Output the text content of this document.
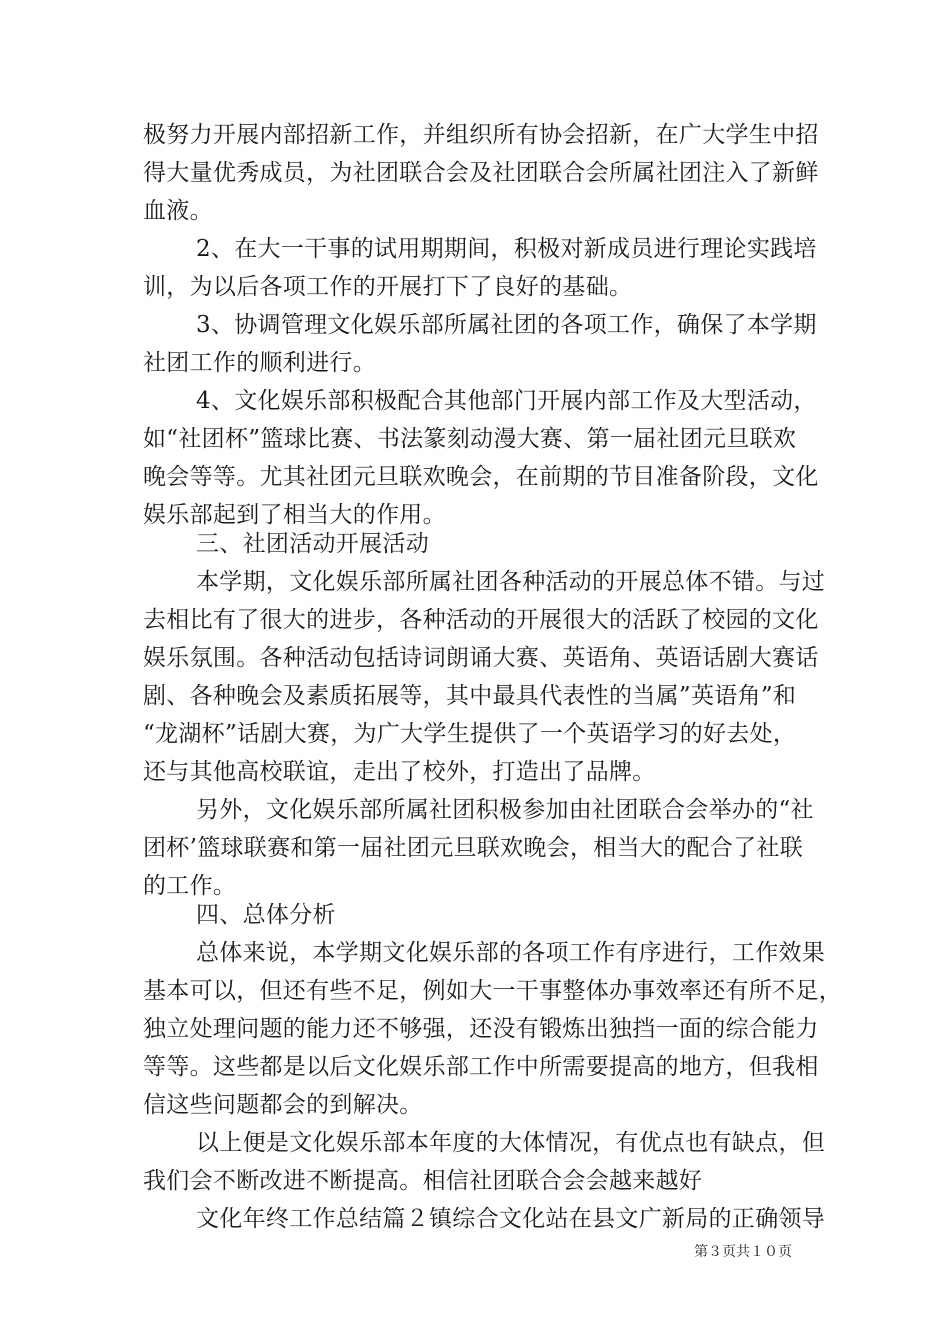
极努力开展内部招新工作，并组织所有协会招新，在广大学生中招
得大量优秀成员，为社团联合会及社团联合会所属社团注入了新鲜
血液。
2、在大一干事的试用期期间，积极对新成员进行理论实践培
训，为以后各项工作的开展打下了良好的基础。
3、协调管理文化娱乐部所属社团的各项工作，确保了本学期
社团工作的顺利进行。
4、文化娱乐部积极配合其他部门开展内部工作及大型活动，
如“社团杯”篮球比赛、书法篆刻动漫大赛、第一届社团元旦联欢
晚会等等。尤其社团元旦联欢晚会，在前期的节目准备阶段，文化
娱乐部起到了相当大的作用。
三、社团活动开展活动
本学期，文化娱乐部所属社团各种活动的开展总体不错。与过
去相比有了很大的进步，各种活动的开展很大的活跃了校园的文化
娱乐氛围。各种活动包括诗词朗诵大赛、英语角、英语话剧大赛话
剧、各种晚会及素质拓展等，其中最具代表性的当属”英语角”和
“龙湖杯”话剧大赛，为广大学生提供了一个英语学习的好去处，
还与其他高校联谊，走出了校外，打造出了品牌。
另外，文化娱乐部所属社团积极参加由社团联合会举办的“社
团杯’篮球联赛和第一届社团元旦联欢晚会，相当大的配合了社联
的工作。
四、总体分析
总体来说，本学期文化娱乐部的各项工作有序进行，工作效果
基本可以，但还有些不足，例如大一干事整体办事效率还有所不足，
独立处理问题的能力还不够强，还没有锻炼出独挡一面的综合能力
等等。这些都是以后文化娱乐部工作中所需要提高的地方，但我相
信这些问题都会的到解决。
以上便是文化娱乐部本年度的大体情况，有优点也有缺点，但
我们会不断改进不断提高。相信社团联合会会越来越好
文化年终工作总结篇２镇综合文化站在县文广新局的正确领导
第３页共１０页
